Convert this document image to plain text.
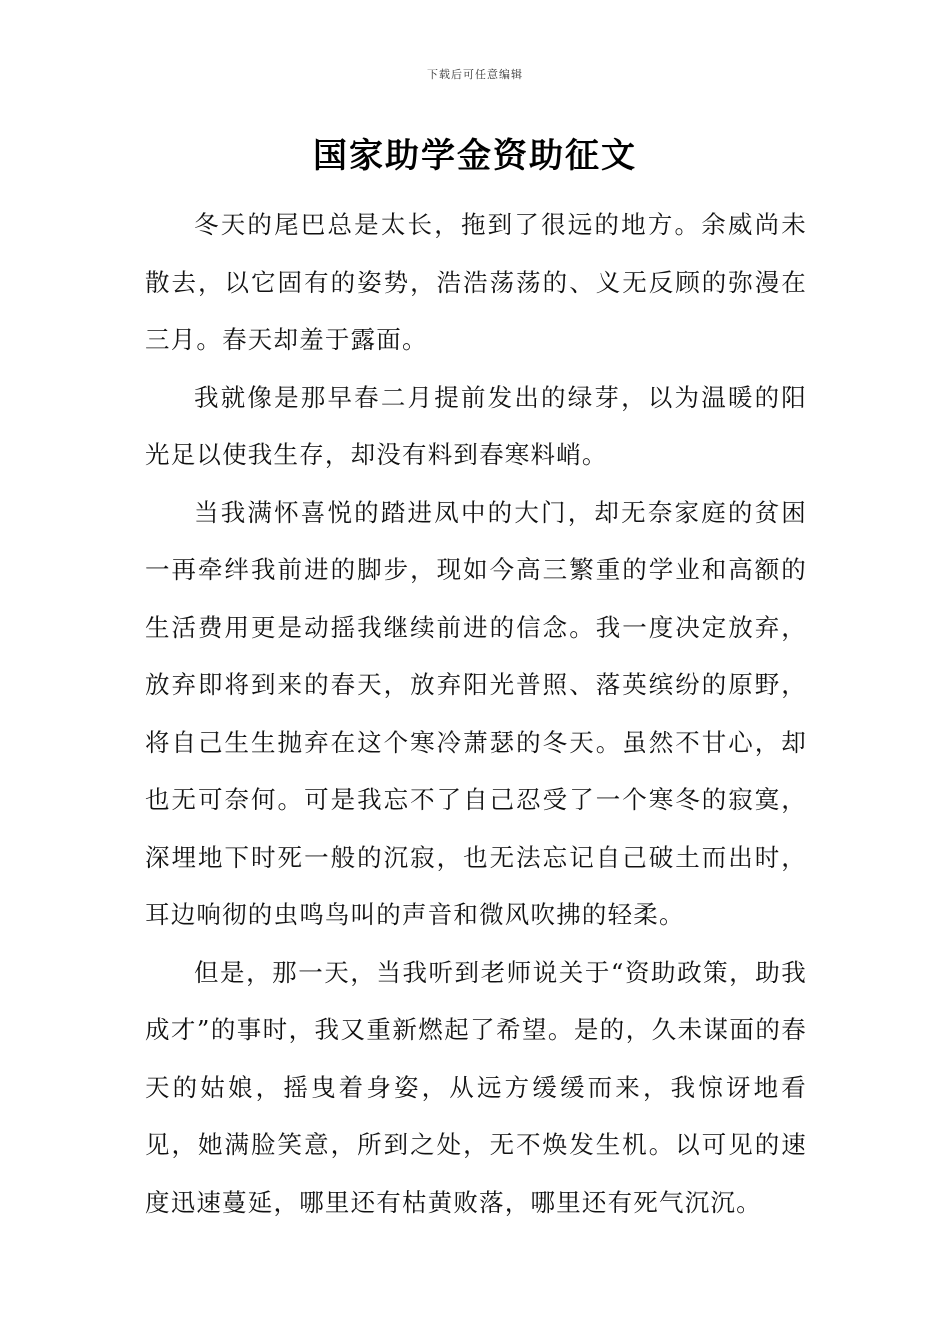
下载后可任意编辑
国家助学金资助征文

冬天的尾巴总是太长，拖到了很远的地方。余威尚未散去，以它固有的姿势，浩浩荡荡的、义无反顾的弥漫在三月。春天却羞于露面。

我就像是那早春二月提前发出的绿芽，以为温暖的阳光足以使我生存，却没有料到春寒料峭。

当我满怀喜悦的踏进凤中的大门，却无奈家庭的贫困一再牵绊我前进的脚步，现如今高三繁重的学业和高额的生活费用更是动摇我继续前进的信念。我一度决定放弃，放弃即将到来的春天，放弃阳光普照、落英缤纷的原野，将自己生生抛弃在这个寒冷萧瑟的冬天。虽然不甘心，却也无可奈何。可是我忘不了自己忍受了一个寒冬的寂寞，深埋地下时死一般的沉寂，也无法忘记自己破土而出时，耳边响彻的虫鸣鸟叫的声音和微风吹拂的轻柔。

但是，那一天，当我听到老师说关于“资助政策，助我成才”的事时，我又重新燃起了希望。是的，久未谋面的春天的姑娘，摇曳着身姿，从远方缓缓而来，我惊讶地看见，她满脸笑意，所到之处，无不焕发生机。以可见的速度迅速蔓延，哪里还有枯黄败落，哪里还有死气沉沉。
